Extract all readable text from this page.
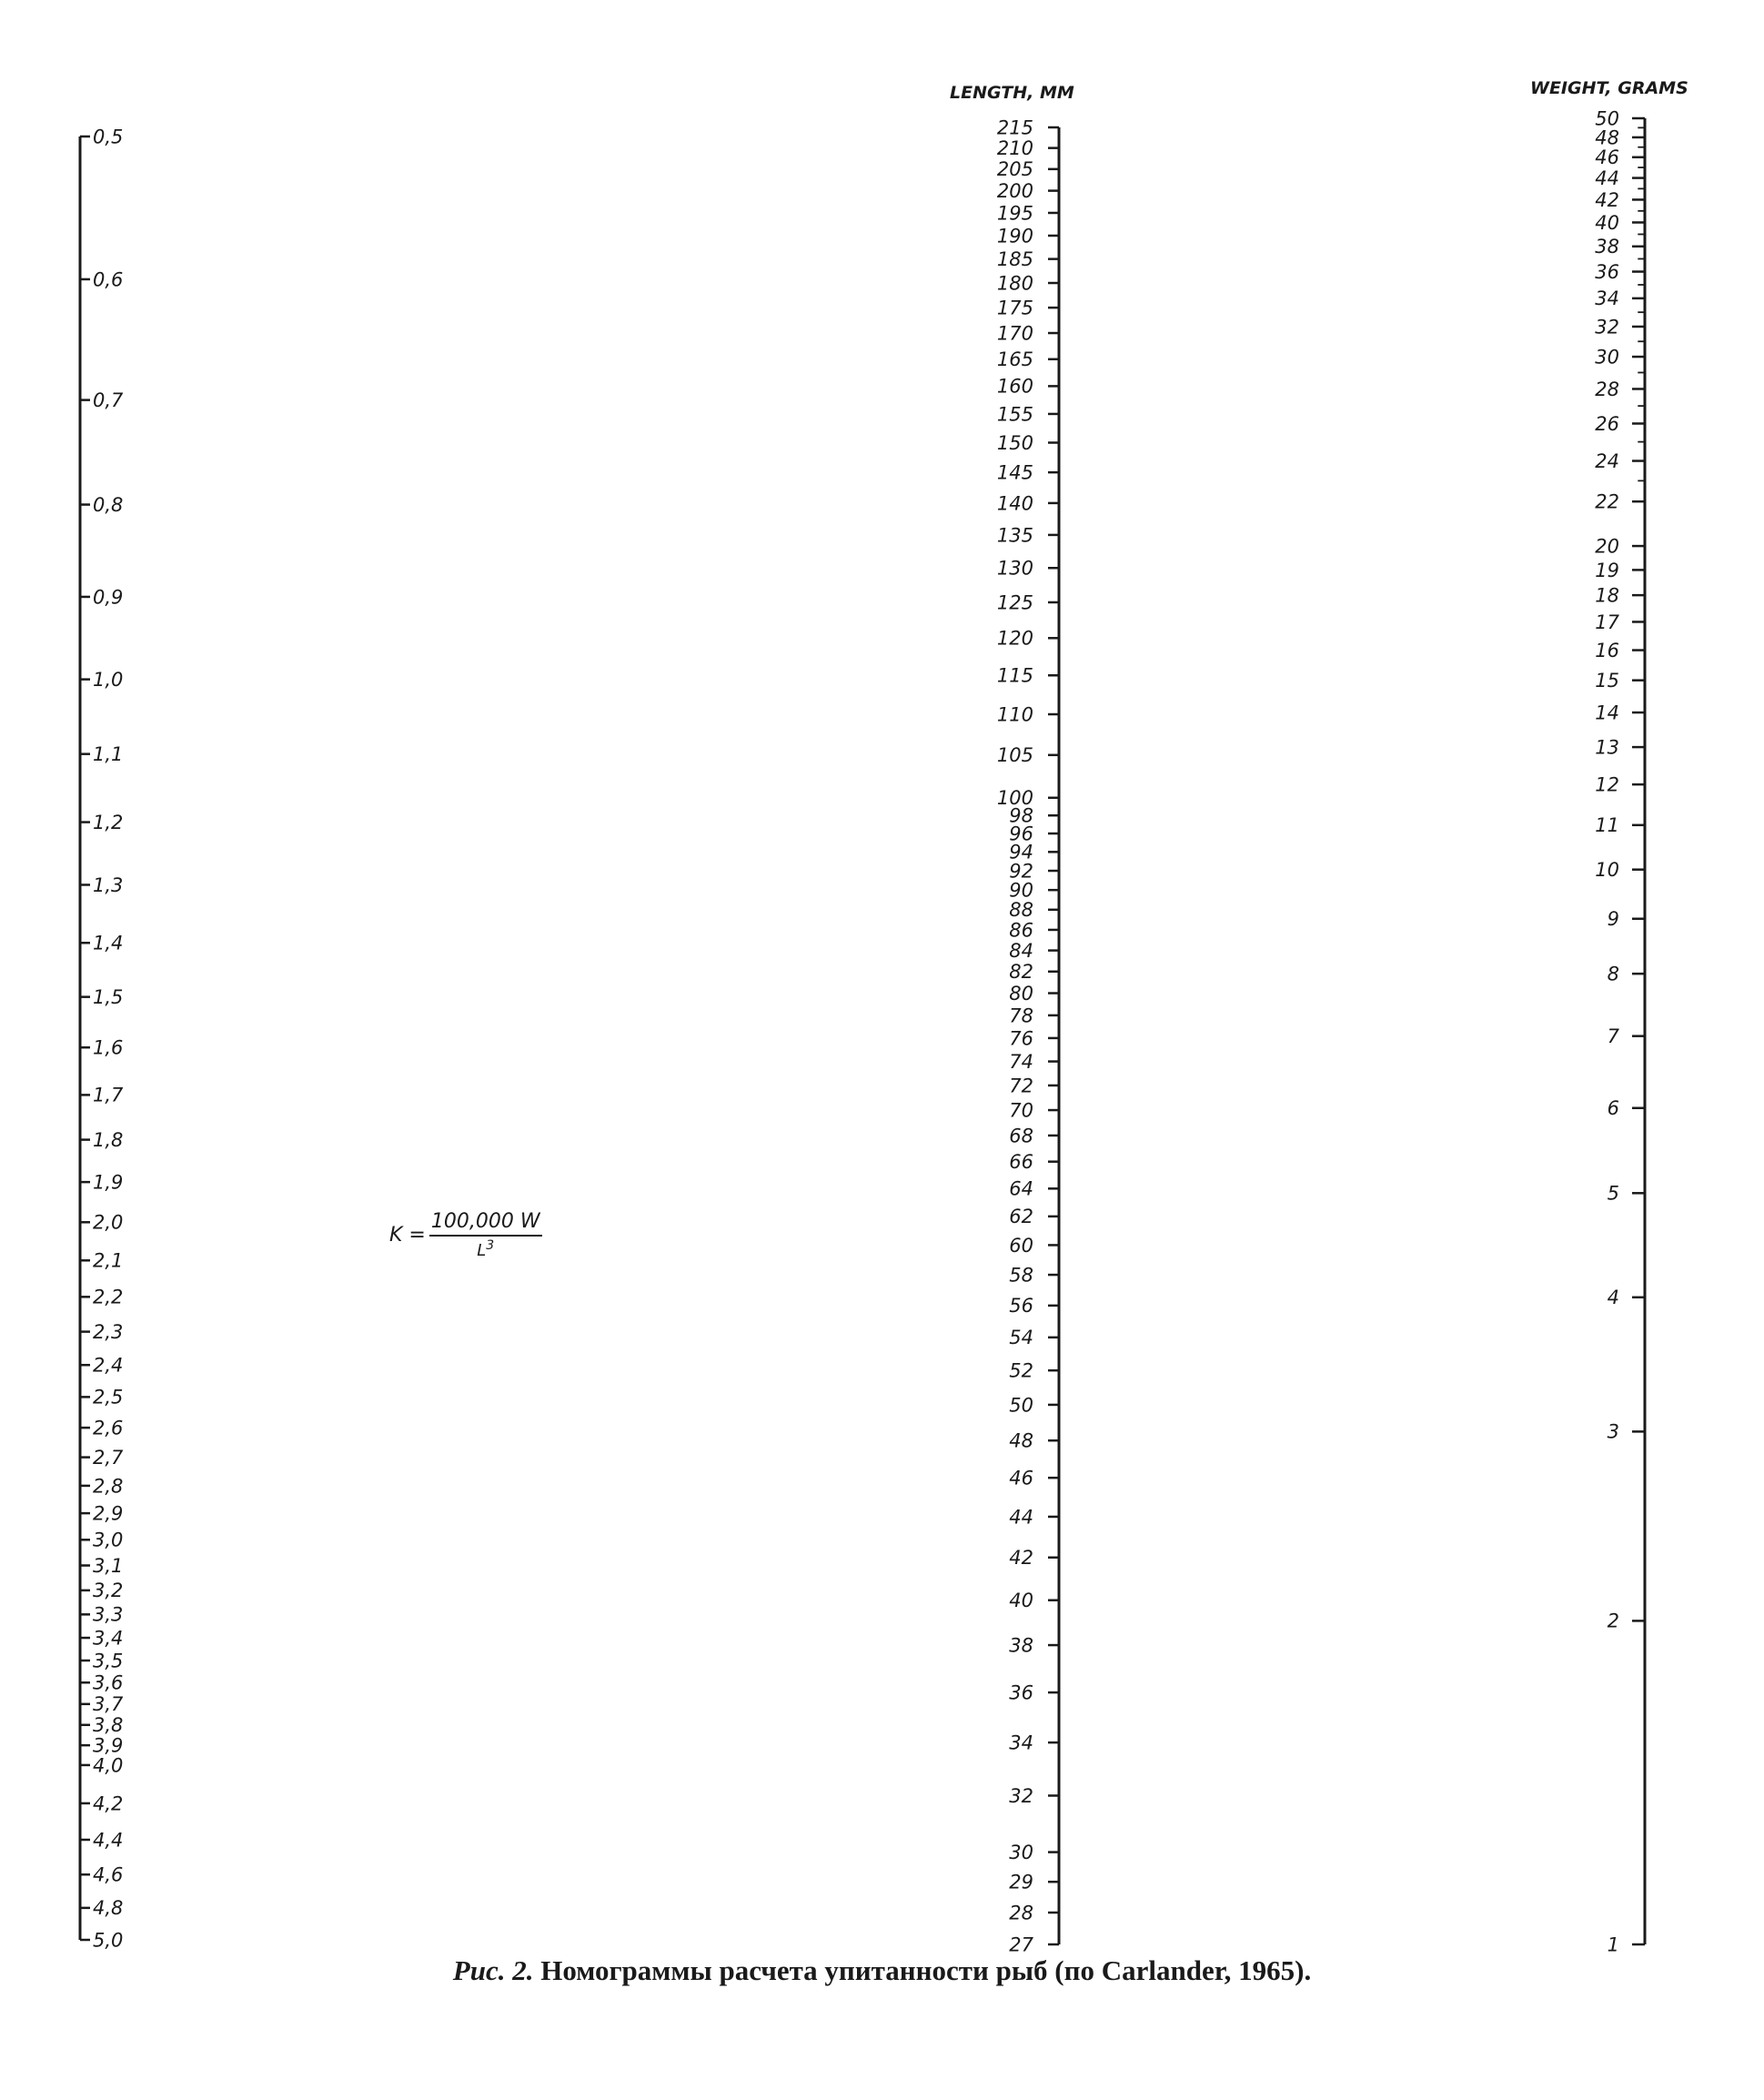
0,5
0,6
0,7
0,8
0,9
1,0
1,1
1,2
1,3
1,4
1,5
1,6
1,7
1,8
1,9
2,0
2,1
2,2
2,3
2,4
2,5
2,6
2,7
2,8
2,9
3,0
3,1
3,2
3,3
3,4
3,5
3,6
3,7
3,8
3,9
4,0
4,2
4,4
4,6
4,8
5,0
215
210
205
200
195
190
185
180
175
170
165
160
155
150
145
140
135
130
125
120
115
110
105
100
98
96
94
92
90
88
86
84
82
80
78
76
74
72
70
68
66
64
62
60
58
56
54
52
50
48
46
44
42
40
38
36
34
32
30
29
28
27
50
48
46
44
42
40
38
36
34
32
30
28
26
24
22
20
19
18
17
16
15
14
13
12
11
10
9
8
7
6
5
4
3
2
1
LENGTH, MM	WEIGHT, GRAMS
$K = \frac{100,000 W}{L^3}$
Рис. 2. Номограммы расчета упитанности рыб (по Carlander, 1965).
